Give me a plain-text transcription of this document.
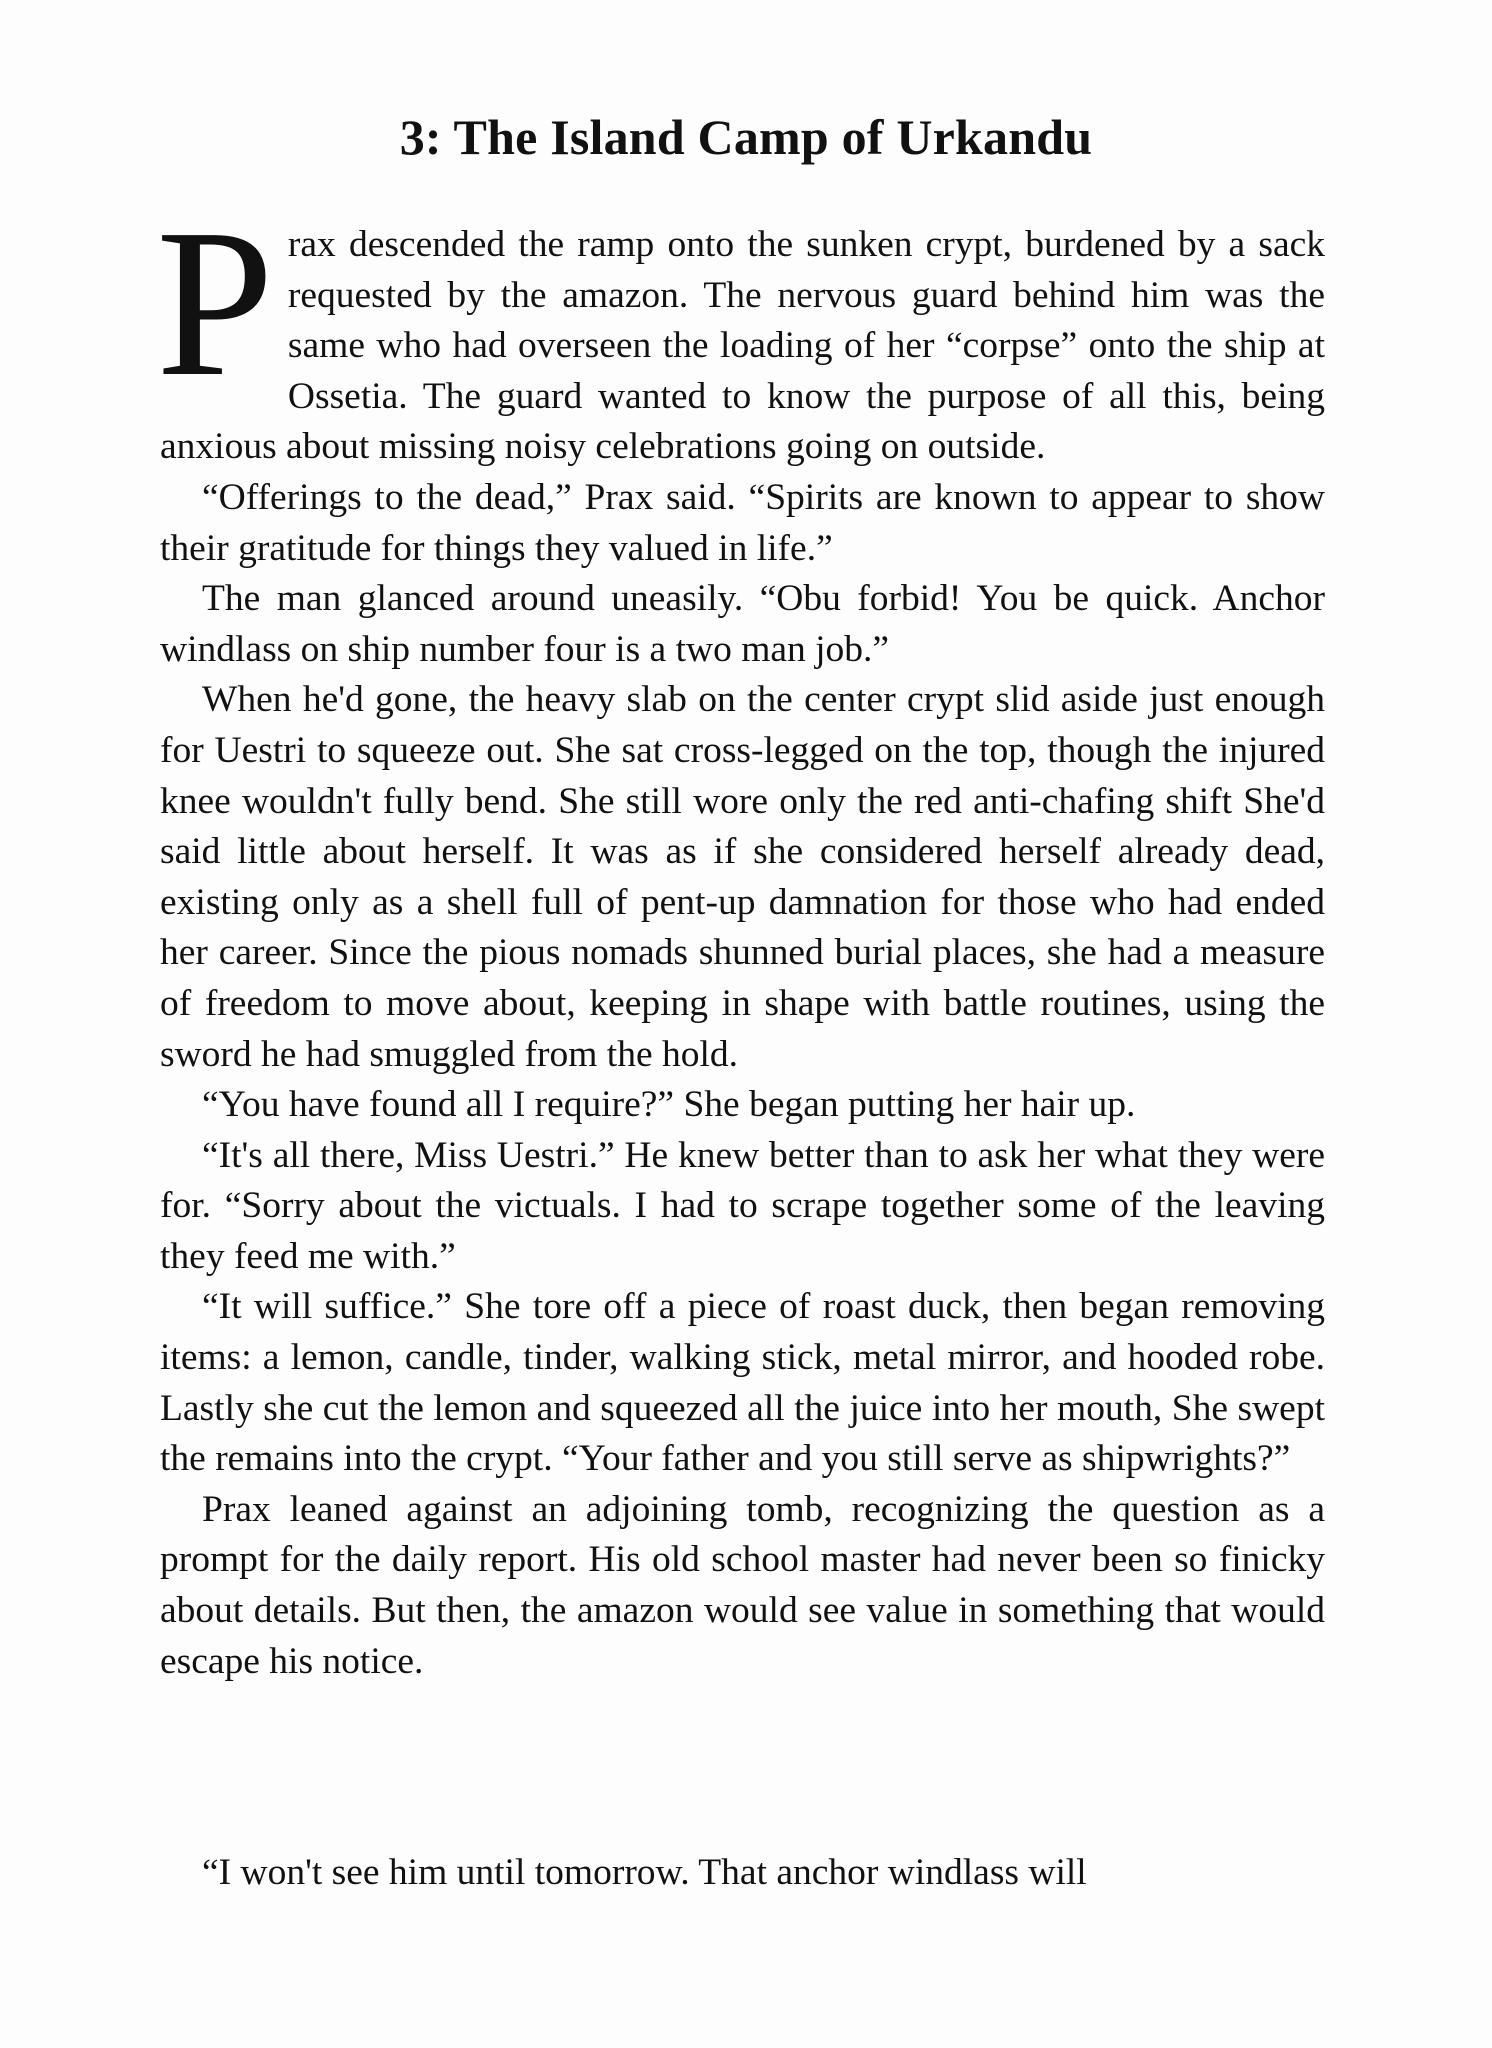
3: The Island Camp of Urkandu

Prax descended the ramp onto the sunken crypt, burdened by a sack requested by the amazon. The nervous guard behind him was the same who had overseen the loading of her “corpse” onto the ship at Ossetia. The guard wanted to know the purpose of all this, being anxious about missing noisy celebrations going on outside.

“Offerings to the dead,” Prax said. “Spirits are known to appear to show their gratitude for things they valued in life.”

The man glanced around uneasily. “Obu forbid! You be quick. Anchor windlass on ship number four is a two man job.”

When he'd gone, the heavy slab on the center crypt slid aside just enough for Uestri to squeeze out. She sat cross-legged on the top, though the injured knee wouldn't fully bend. She still wore only the red anti-chafing shift She'd said little about herself. It was as if she considered herself already dead, existing only as a shell full of pent-up damnation for those who had ended her career. Since the pious nomads shunned burial places, she had a measure of freedom to move about, keeping in shape with battle routines, using the sword he had smuggled from the hold.

“You have found all I require?” She began putting her hair up.

“It's all there, Miss Uestri.” He knew better than to ask her what they were for. “Sorry about the victuals. I had to scrape together some of the leaving they feed me with.”

“It will suffice.” She tore off a piece of roast duck, then began removing items: a lemon, candle, tinder, walking stick, metal mirror, and hooded robe. Lastly she cut the lemon and squeezed all the juice into her mouth, She swept the remains into the crypt. “Your father and you still serve as shipwrights?”

Prax leaned against an adjoining tomb, recognizing the question as a prompt for the daily report. His old school master had never been so finicky about details. But then, the amazon would see value in something that would escape his notice.

“I won't see him until tomorrow. That anchor windlass will
